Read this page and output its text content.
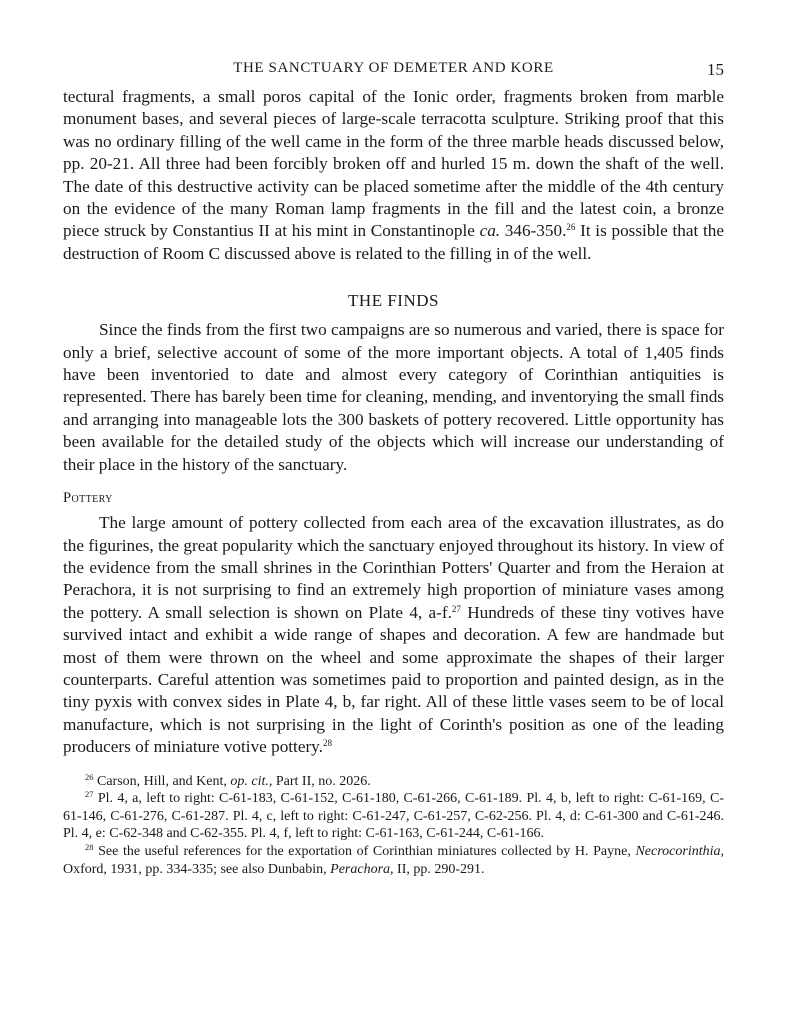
THE SANCTUARY OF DEMETER AND KORE	15

tectural fragments, a small poros capital of the Ionic order, fragments broken from marble monument bases, and several pieces of large-scale terracotta sculpture. Striking proof that this was no ordinary filling of the well came in the form of the three marble heads discussed below, pp. 20-21. All three had been forcibly broken off and hurled 15 m. down the shaft of the well. The date of this destructive activity can be placed sometime after the middle of the 4th century on the evidence of the many Roman lamp fragments in the fill and the latest coin, a bronze piece struck by Constantius II at his mint in Constantinople ca. 346-350.26 It is possible that the destruction of Room C discussed above is related to the filling in of the well.

THE FINDS

Since the finds from the first two campaigns are so numerous and varied, there is space for only a brief, selective account of some of the more important objects. A total of 1,405 finds have been inventoried to date and almost every category of Corinthian antiquities is represented. There has barely been time for cleaning, mending, and inventorying the small finds and arranging into manageable lots the 300 baskets of pottery recovered. Little opportunity has been available for the detailed study of the objects which will increase our understanding of their place in the history of the sanctuary.

Pottery

The large amount of pottery collected from each area of the excavation illustrates, as do the figurines, the great popularity which the sanctuary enjoyed throughout its history. In view of the evidence from the small shrines in the Corinthian Potters' Quarter and from the Heraion at Perachora, it is not surprising to find an extremely high proportion of miniature vases among the pottery. A small selection is shown on Plate 4, a-f.$^{27}$ Hundreds of these tiny votives have survived intact and exhibit a wide range of shapes and decoration. A few are handmade but most of them were thrown on the wheel and some approximate the shapes of their larger counterparts. Careful attention was sometimes paid to proportion and painted design, as in the tiny pyxis with convex sides in Plate 4, b, far right. All of these little vases seem to be of local manufacture, which is not surprising in the light of Corinth's position as one of the leading producers of miniature votive pottery.$^{28}$

$^{26}$ Carson, Hill, and Kent, op. cit., Part II, no. 2026.

$^{27}$ Pl. 4, a, left to right: C-61-183, C-61-152, C-61-180, C-61-266, C-61-189. Pl. 4, b, left to right: C-61-169, C-61-146, C-61-276, C-61-287. Pl. 4, c, left to right: C-61-247, C-61-257, C-62-256. Pl. 4, d: C-61-300 and C-61-246. Pl. 4, e: C-62-348 and C-62-355. Pl. 4, f, left to right: C-61-163, C-61-244, C-61-166.

$^{28}$ See the useful references for the exportation of Corinthian miniatures collected by H. Payne, Necrocorinthia, Oxford, 1931, pp. 334-335; see also Dunbabin, Perachora, II, pp. 290-291.
